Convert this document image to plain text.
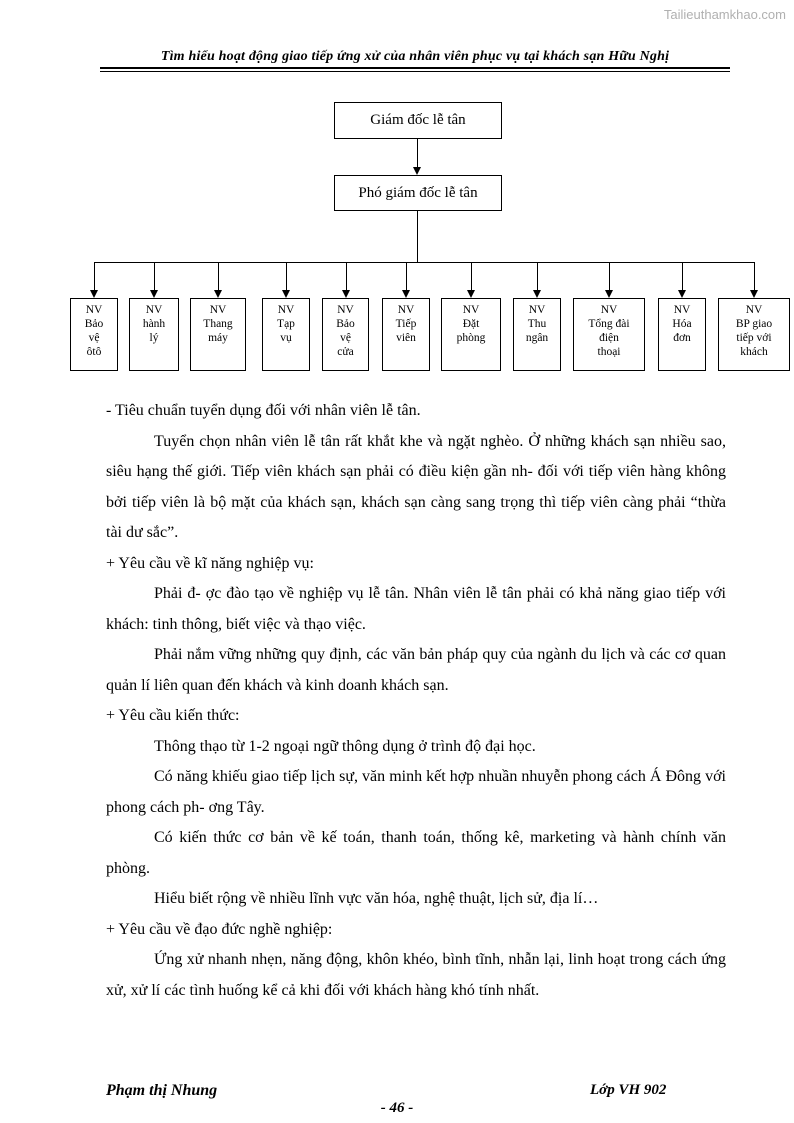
Tailieuthamkhao.com
Tìm hiểu hoạt động giao tiếp ứng xử của nhân viên phục vụ tại khách sạn Hữu Nghị
Giám đốc lễ tân
Phó giám đốc lễ tân
NV
Bảo
vệ
ôtô
NV
hành
lý
NV
Thang
máy
NV
Tạp
vụ
NV
Bảo
vệ
cửa
NV
Tiếp
viên
NV
Đặt
phòng
NV
Thu
ngân
NV
Tổng đài
điện
thoại
NV
Hóa
đơn
NV
BP giao
tiếp với
khách

- Tiêu chuẩn tuyển dụng đối với nhân viên lễ tân.

Tuyển chọn nhân viên lễ tân rất khắt khe và ngặt nghèo. Ở những khách sạn nhiều sao, siêu hạng thế giới. Tiếp viên khách sạn phải có điều kiện gần nh- đối với tiếp viên hàng không bởi tiếp viên là bộ mặt của khách sạn, khách sạn càng sang trọng thì tiếp viên càng phải “thừa tài dư sắc”.

+ Yêu cầu về kĩ năng nghiệp vụ:

Phải đ- ợc đào tạo về nghiệp vụ lễ tân. Nhân viên lễ tân phải có khả năng giao tiếp với khách: tinh thông, biết việc và thạo việc.

Phải nắm vững những quy định, các văn bản pháp quy của ngành du lịch và các cơ quan quản lí liên quan đến khách và kinh doanh khách sạn.

+ Yêu cầu kiến thức:

Thông thạo từ 1-2 ngoại ngữ thông dụng ở trình độ đại học.

Có năng khiếu giao tiếp lịch sự, văn minh kết hợp nhuần nhuyễn phong cách Á Đông với phong cách ph- ơng Tây.

Có kiến thức cơ bản về kế toán, thanh toán, thống kê, marketing và hành chính văn phòng.

Hiểu biết rộng về nhiều lĩnh vực văn hóa, nghệ thuật, lịch sử, địa lí…

+ Yêu cầu về đạo đức nghề nghiệp:

Ứng xử nhanh nhẹn, năng động, khôn khéo, bình tĩnh, nhẫn lại, linh hoạt trong cách ứng xử, xử lí các tình huống kể cả khi đối với khách hàng khó tính nhất.

Phạm thị Nhung	Lớp VH 902
- 46 -
